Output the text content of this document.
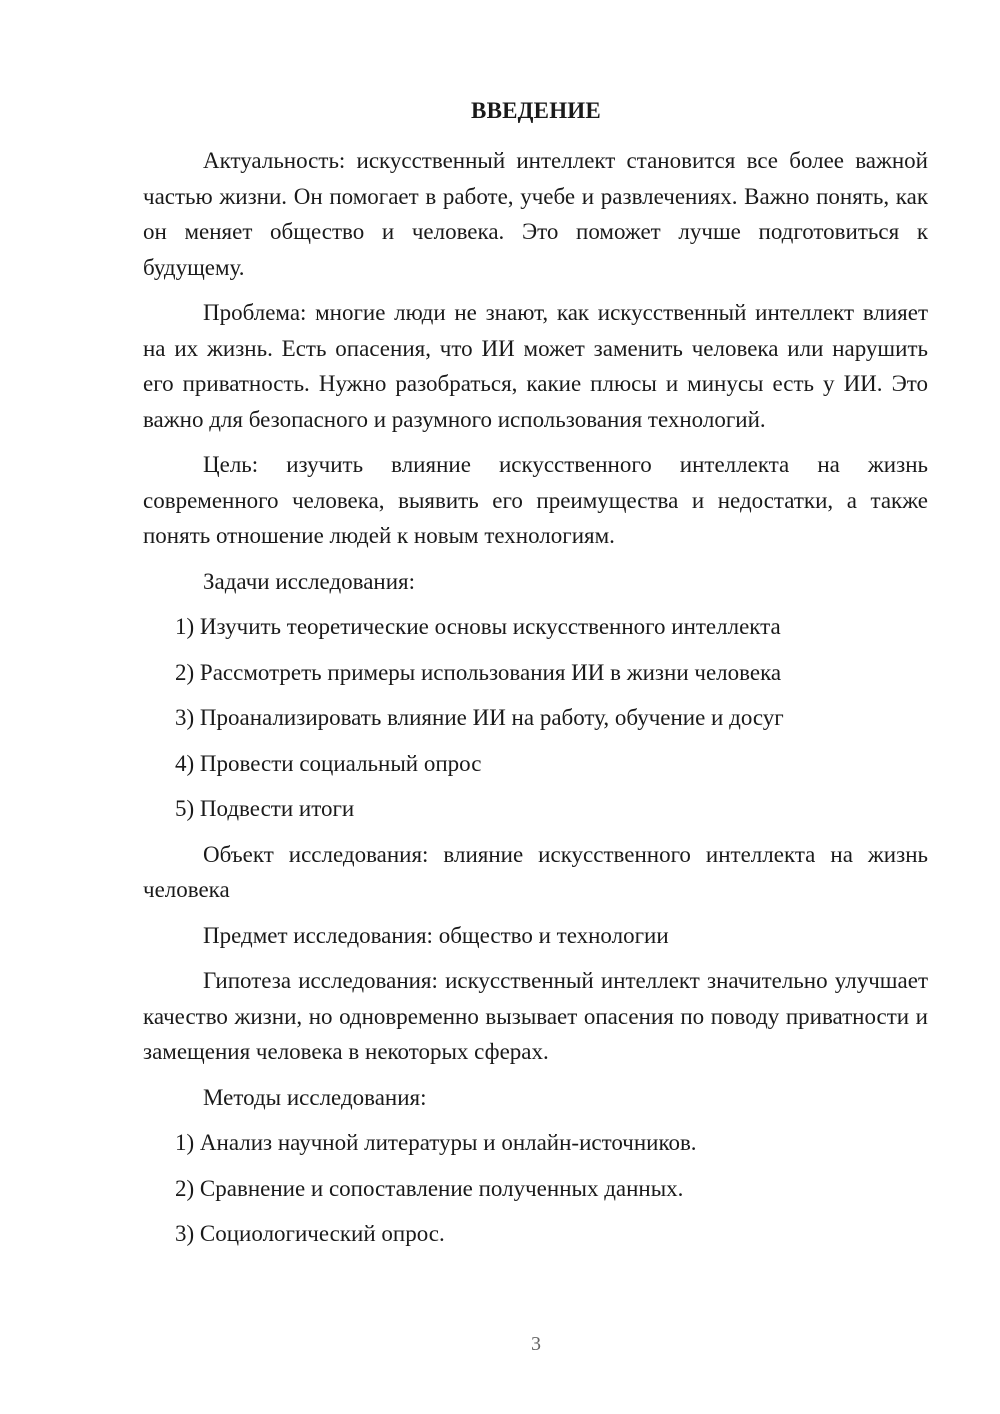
ВВЕДЕНИЕ

Актуальность: искусственный интеллект становится все более важной частью жизни. Он помогает в работе, учебе и развлечениях. Важно понять, как он меняет общество и человека. Это поможет лучше подготовиться к будущему.

Проблема: многие люди не знают, как искусственный интеллект влияет на их жизнь. Есть опасения, что ИИ может заменить человека или нарушить его приватность. Нужно разобраться, какие плюсы и минусы есть у ИИ. Это важно для безопасного и разумного использования технологий.

Цель: изучить влияние искусственного интеллекта на жизнь современного человека, выявить его преимущества и недостатки, а также понять отношение людей к новым технологиям.

Задачи исследования:

1) Изучить теоретические основы искусственного интеллекта

2) Рассмотреть примеры использования ИИ в жизни человека

3) Проанализировать влияние ИИ на работу, обучение и досуг

4) Провести социальный опрос

5) Подвести итоги

Объект исследования: влияние искусственного интеллекта на жизнь человека

Предмет исследования: общество и технологии

Гипотеза исследования: искусственный интеллект значительно улучшает качество жизни, но одновременно вызывает опасения по поводу приватности и замещения человека в некоторых сферах.

Методы исследования:

1) Анализ научной литературы и онлайн-источников.

2) Сравнение и сопоставление полученных данных.

3) Социологический опрос.

3
